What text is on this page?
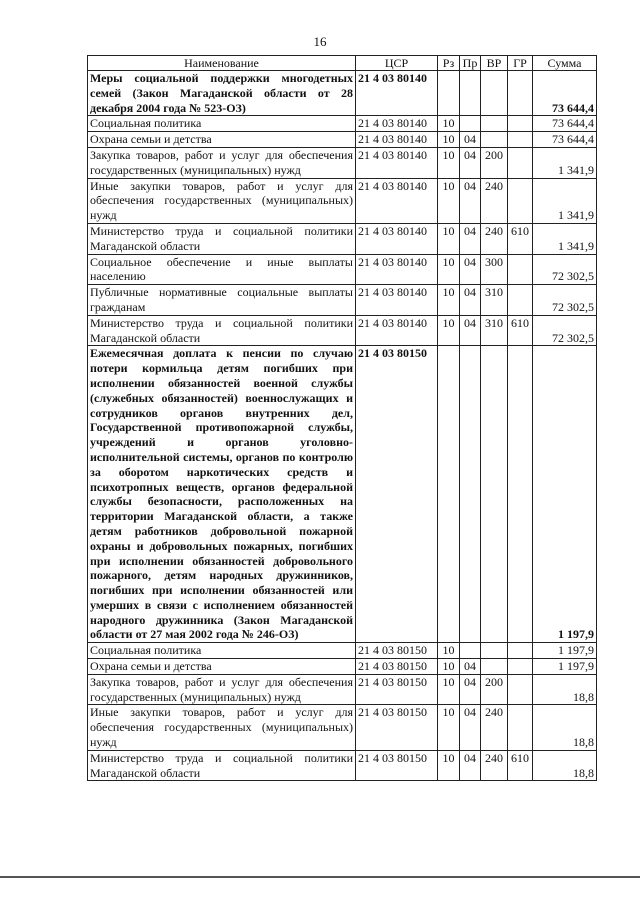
16
Наименование	ЦСР	Рз	Пр	ВР	ГР	Сумма
Меры социальной поддержки многодетных семей (Закон Магаданской области от 28 декабря 2004 года № 523-ОЗ)	21 4 03 80140					73 644,4
Социальная политика	21 4 03 80140	10				73 644,4
Охрана семьи и детства	21 4 03 80140	10	04			73 644,4
Закупка товаров, работ и услуг для обеспечения государственных (муниципальных) нужд	21 4 03 80140	10	04	200		1 341,9
Иные закупки товаров, работ и услуг для обеспечения государственных (муниципальных) нужд	21 4 03 80140	10	04	240		1 341,9
Министерство труда и социальной политики Магаданской области	21 4 03 80140	10	04	240	610	1 341,9
Социальное обеспечение и иные выплаты населению	21 4 03 80140	10	04	300		72 302,5
Публичные нормативные социальные выплаты гражданам	21 4 03 80140	10	04	310		72 302,5
Министерство труда и социальной политики Магаданской области	21 4 03 80140	10	04	310	610	72 302,5
Ежемесячная доплата к пенсии по случаю потери кормильца детям погибших при исполнении обязанностей военной службы (служебных обязанностей) военнослужащих и сотрудников органов внутренних дел, Государственной противопожарной службы, учреждений и органов уголовно-исполнительной системы, органов по контролю за оборотом наркотических средств и психотропных веществ, органов федеральной службы безопасности, расположенных на территории Магаданской области, а также детям работников добровольной пожарной охраны и добровольных пожарных, погибших при исполнении обязанностей добровольного пожарного, детям народных дружинников, погибших при исполнении обязанностей или умерших в связи с исполнением обязанностей народного дружинника (Закон Магаданской области от 27 мая 2002 года № 246-ОЗ)	21 4 03 80150					1 197,9
Социальная политика	21 4 03 80150	10				1 197,9
Охрана семьи и детства	21 4 03 80150	10	04			1 197,9
Закупка товаров, работ и услуг для обеспечения государственных (муниципальных) нужд	21 4 03 80150	10	04	200		18,8
Иные закупки товаров, работ и услуг для обеспечения государственных (муниципальных) нужд	21 4 03 80150	10	04	240		18,8
Министерство труда и социальной политики Магаданской области	21 4 03 80150	10	04	240	610	18,8
